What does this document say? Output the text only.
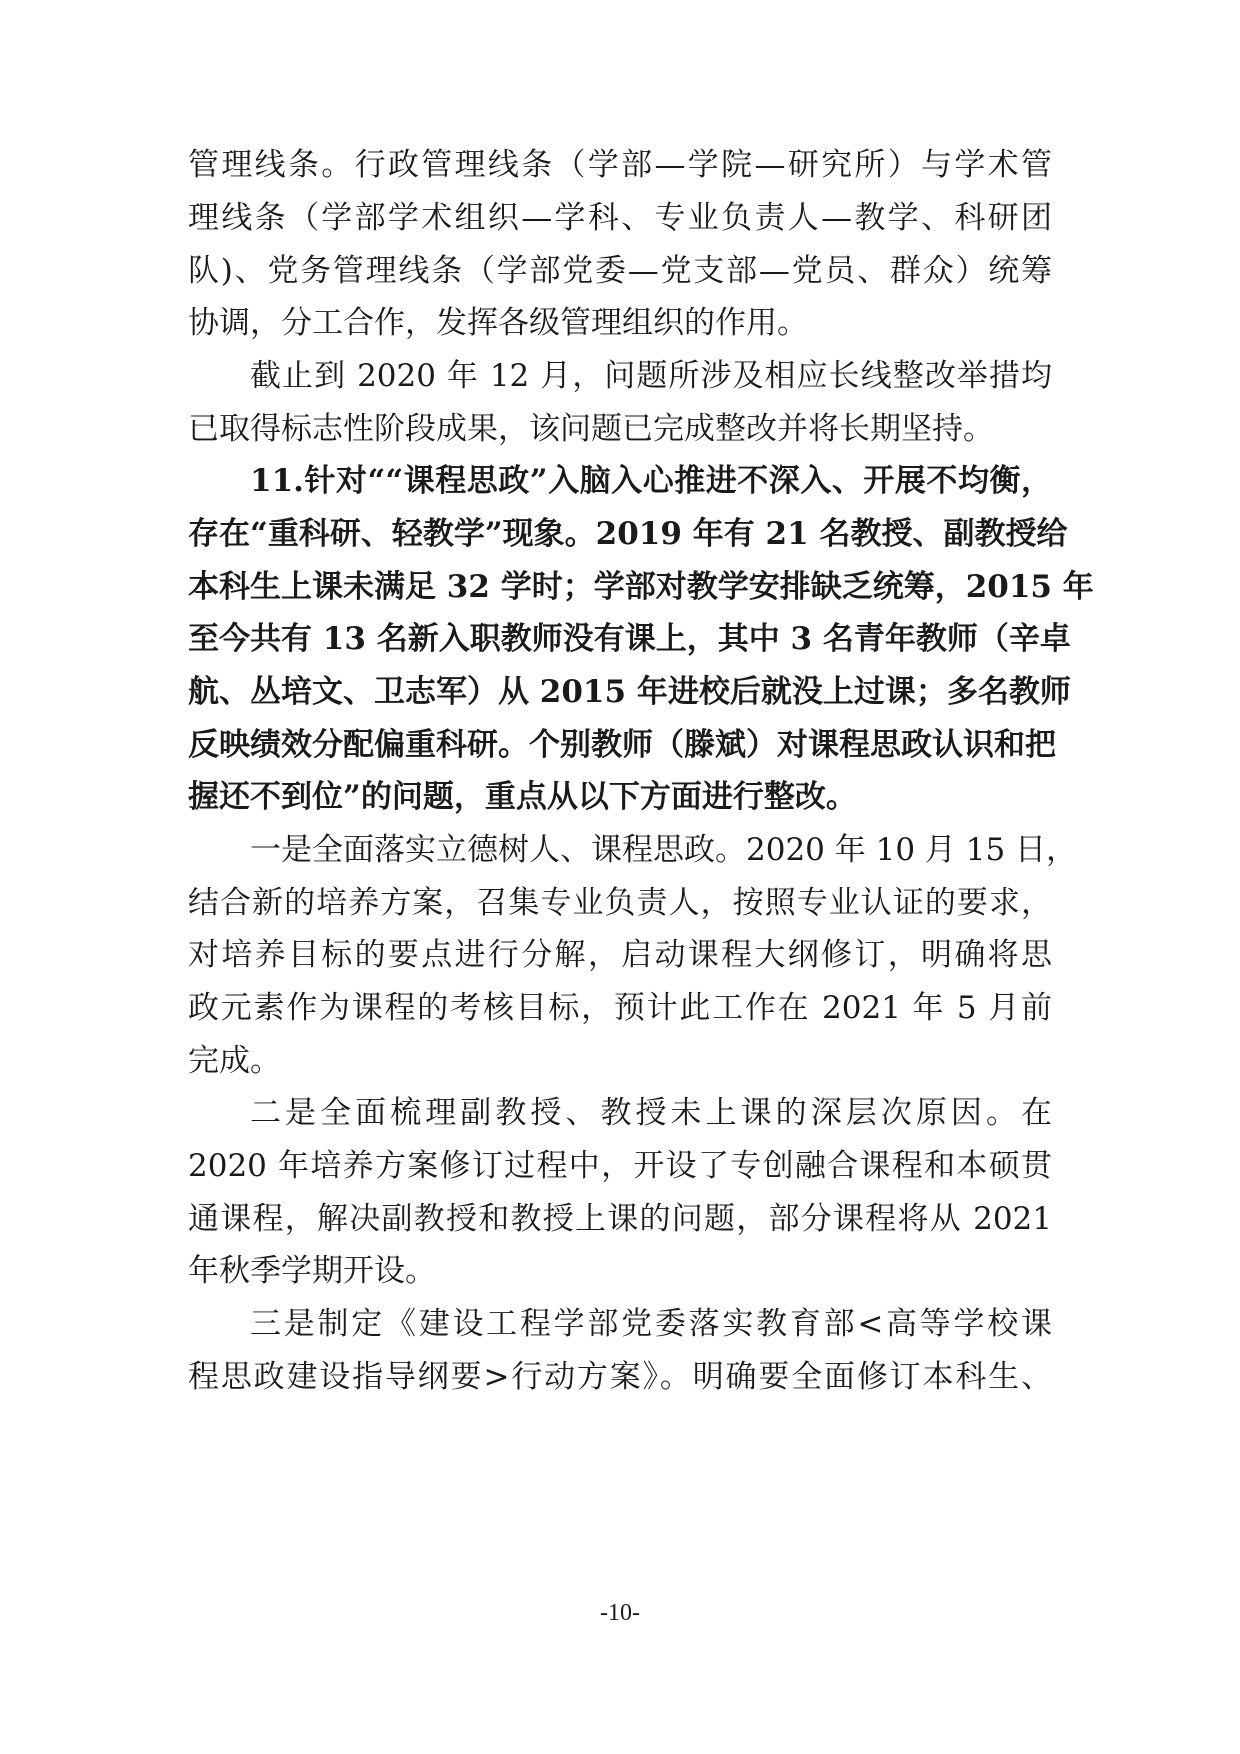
管理线条。行政管理线条（学部—学院—研究所）与学术管
理线条（学部学术组织—学科、专业负责人—教学、科研团
队)、党务管理线条（学部党委—党支部—党员、群众）统筹
协调，分工合作，发挥各级管理组织的作用。
截止到 2020 年 12 月，问题所涉及相应长线整改举措均
已取得标志性阶段成果，该问题已完成整改并将长期坚持。
11.针对““课程思政”入脑入心推进不深入、开展不均衡，
存在“重科研、轻教学”现象。2019 年有 21 名教授、副教授给
本科生上课未满足 32 学时；学部对教学安排缺乏统筹，2015 年
至今共有 13 名新入职教师没有课上，其中 3 名青年教师（辛卓
航、丛培文、卫志军）从 2015 年进校后就没上过课；多名教师
反映绩效分配偏重科研。个别教师（滕斌）对课程思政认识和把
握还不到位”的问题，重点从以下方面进行整改。
一是全面落实立德树人、课程思政。2020 年 10 月 15 日，
结合新的培养方案，召集专业负责人，按照专业认证的要求，
对培养目标的要点进行分解，启动课程大纲修订，明确将思
政元素作为课程的考核目标，预计此工作在 2021 年 5 月前
完成。
二是全面梳理副教授、教授未上课的深层次原因。在
2020 年培养方案修订过程中，开设了专创融合课程和本硕贯
通课程，解决副教授和教授上课的问题，部分课程将从 2021
年秋季学期开设。
三是制定《建设工程学部党委落实教育部<高等学校课
程思政建设指导纲要>行动方案》。明确要全面修订本科生、
-10-
